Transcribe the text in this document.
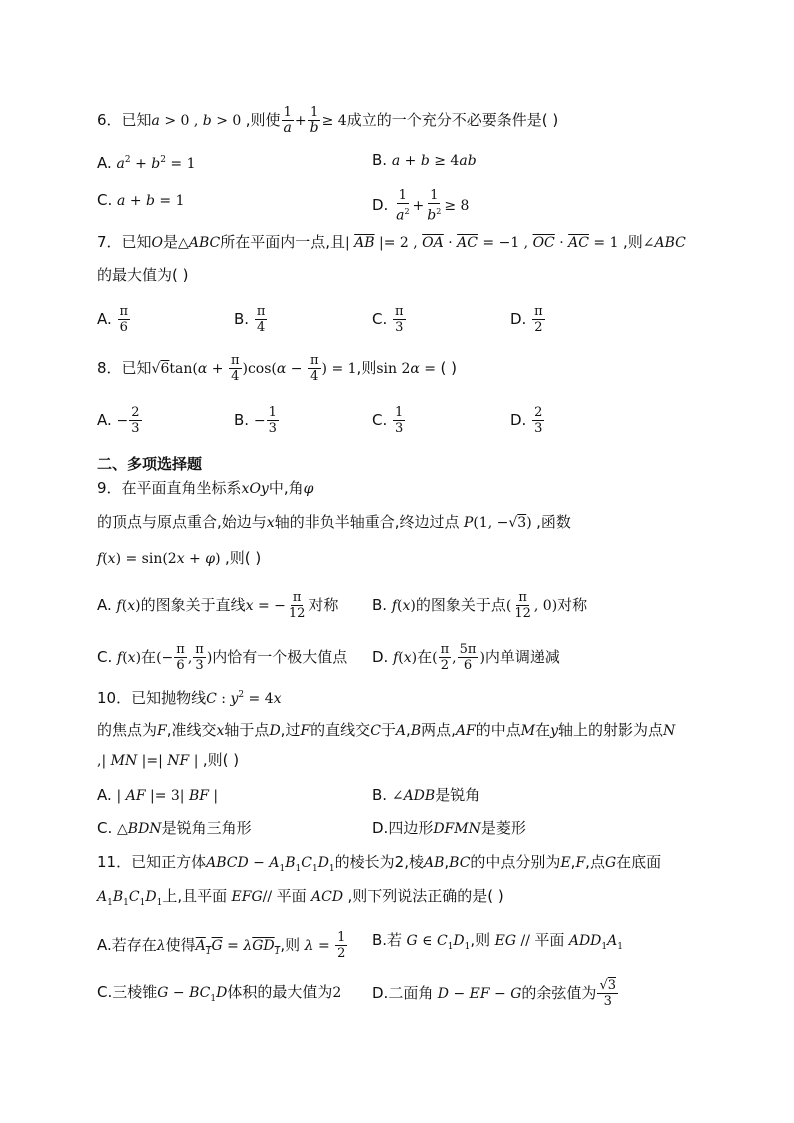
6．已知a > 0 , b > 0 ,则使 $\frac{1}{a} + \frac{1}{b} \ge 4$成立的一个充分不必要条件是( )
A. $a^2 + b^2 = 1$	B. a + b ≥ 4ab
C. a + b = 1	D. $\frac{1}{a^2} + \frac{1}{b^2} \ge 8$
7．已知O是△ABC所在平面内一点,且| $\overline{AB}$ |= 2 , $\overline{OA} \cdot \overline{AC} = -1$ , $\overline{OC} \cdot \overline{AC} = 1$ ,则∠ABC
的最大值为( )
A. $\frac{\pi}{6}$	B. $\frac{\pi}{4}$	C. $\frac{\pi}{3}$	D. $\frac{\pi}{2}$
8．已知$√6\tan(\alpha + \frac{\pi}{4} )\cos(\alpha - \frac{\pi}{4}$ ) = 1,则sin 2α = ( )
A. − $\frac{2}{3}$	B. − $\frac{1}{3}$	C. $\frac{1}{3}$	D. $\frac{2}{3}$
二、多项选择题
9．在平面直角坐标系xOy中,角φ
的顶点与原点重合,始边与x轴的非负半轴重合,终边过点 P(1, −√3) ,函数
f(x) = sin(2x + φ) ,则( )
A. f(x)的图象关于直线x = − $\frac{\pi}{12}$ 对称 B. f(x)的图象关于点( $\frac{\pi}{12}$ , 0)对称
C. f(x)在(− $\frac{\pi}{6}$ , $\frac{\pi}{3}$ )内恰有一个极大值点 D. f(x)在( $\frac{\pi}{2}$ , $\frac{5\pi}{6}$ )内单调递减
10．已知抛物线C : $y^2 = 4x$
的焦点为F,准线交x轴于点D,过F的直线交C于A,B两点,AF的中点M在y轴上的射影为点N
,| MN |=| NF | ,则( )
A. | AF |= 3| BF |	B. ∠ADB是锐角
C. △BDN是锐角三角形	D.四边形DFMN是菱形
11．已知正方体ABCD − $A_1B_1C_1D_1$的棱长为2,棱AB,BC的中点分别为E,F,点G在底面
$A_1B_1C_1D_1$上,且平面 EFG// 平面 ACD ,则下列说法正确的是( )
A.若存在λ使得$A_1G = \lambda GD_1$,则 $\lambda = \frac{1}{2} B$.若 G ∈ $C_1D_1$,则 EG // 平面 $ADD_1A_1$
C.三棱锥$G - BC_1D$体积的最大值为2 D.二面角 D − EF − G的余弦值为 $\frac{√3}{3}$
